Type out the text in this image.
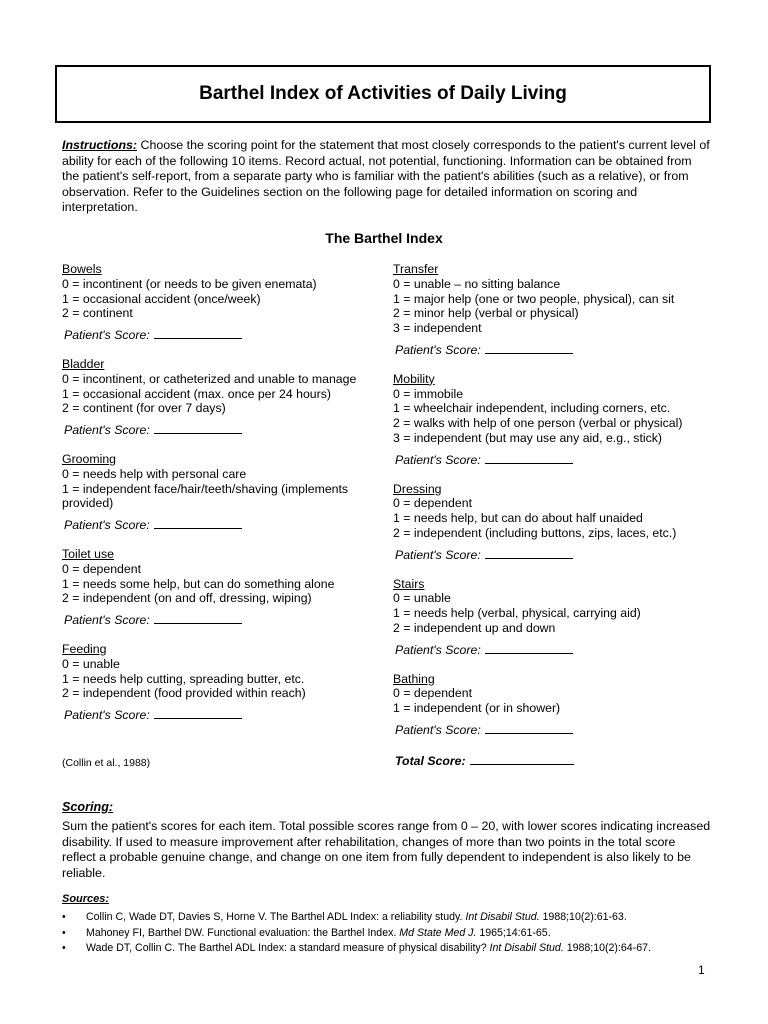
Barthel Index of Activities of Daily Living
Instructions: Choose the scoring point for the statement that most closely corresponds to the patient's current level of ability for each of the following 10 items. Record actual, not potential, functioning. Information can be obtained from the patient's self-report, from a separate party who is familiar with the patient's abilities (such as a relative), or from observation. Refer to the Guidelines section on the following page for detailed information on scoring and interpretation.
The Barthel Index
Bowels
0 = incontinent (or needs to be given enemata)
1 = occasional accident (once/week)
2 = continent
Patient's Score:
Bladder
0 = incontinent, or catheterized and unable to manage
1 = occasional accident (max. once per 24 hours)
2 = continent (for over 7 days)
Patient's Score:
Grooming
0 = needs help with personal care
1 = independent face/hair/teeth/shaving (implements provided)
Patient's Score:
Toilet use
0 = dependent
1 = needs some help, but can do something alone
2 = independent (on and off, dressing, wiping)
Patient's Score:
Feeding
0 = unable
1 = needs help cutting, spreading butter, etc.
2 = independent (food provided within reach)
Patient's Score:
Transfer
0 = unable – no sitting balance
1 = major help (one or two people, physical), can sit
2 = minor help (verbal or physical)
3 = independent
Patient's Score:
Mobility
0 = immobile
1 = wheelchair independent, including corners, etc.
2 = walks with help of one person (verbal or physical)
3 = independent (but may use any aid, e.g., stick)
Patient's Score:
Dressing
0 = dependent
1 = needs help, but can do about half unaided
2 = independent (including buttons, zips, laces, etc.)
Patient's Score:
Stairs
0 = unable
1 = needs help (verbal, physical, carrying aid)
2 = independent up and down
Patient's Score:
Bathing
0 = dependent
1 = independent (or in shower)
Patient's Score:
Total Score:
(Collin et al., 1988)
Scoring:
Sum the patient's scores for each item. Total possible scores range from 0 – 20, with lower scores indicating increased disability. If used to measure improvement after rehabilitation, changes of more than two points in the total score reflect a probable genuine change, and change on one item from fully dependent to independent is also likely to be reliable.
Sources:
• Collin C, Wade DT, Davies S, Horne V. The Barthel ADL Index: a reliability study. Int Disabil Stud. 1988;10(2):61-63.
• Mahoney FI, Barthel DW. Functional evaluation: the Barthel Index. Md State Med J. 1965;14:61-65.
• Wade DT, Collin C. The Barthel ADL Index: a standard measure of physical disability? Int Disabil Stud. 1988;10(2):64-67.
1
